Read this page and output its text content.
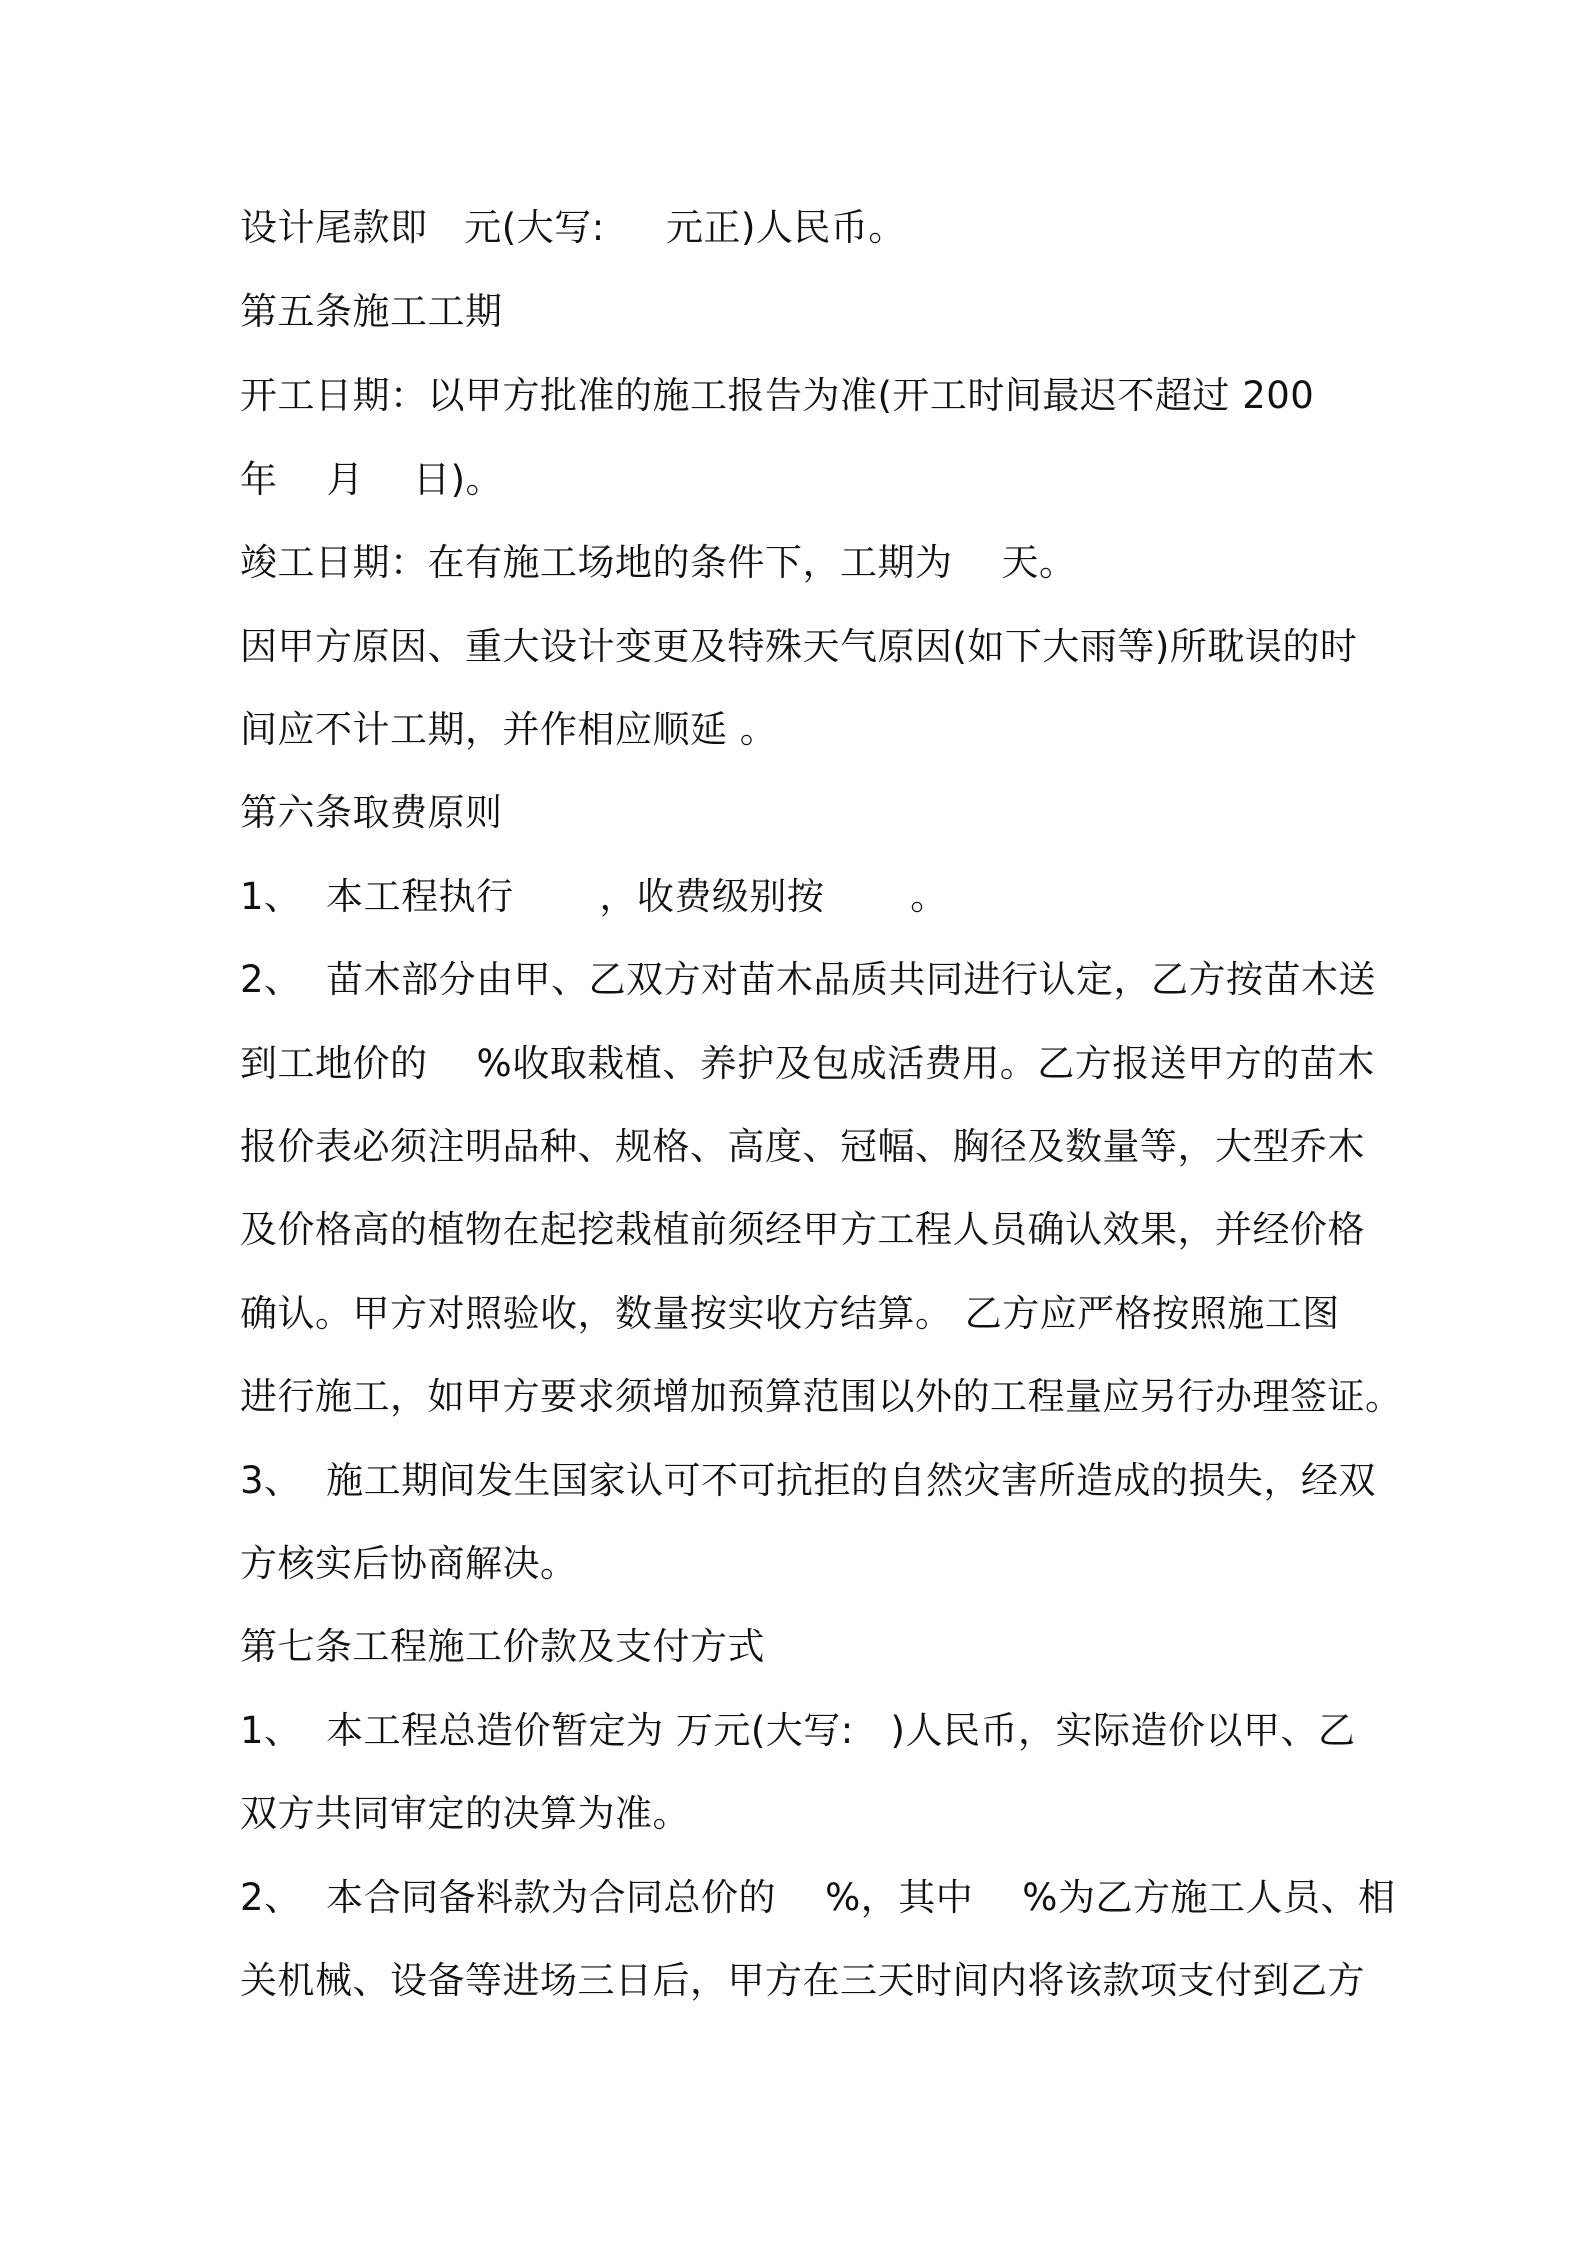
设计尾款即   元(大写:     元正)人民币。
第五条施工工期
开工日期：以甲方批准的施工报告为准(开工时间最迟不超过 200
年    月    日)。
竣工日期：在有施工场地的条件下，工期为    天。
因甲方原因、重大设计变更及特殊天气原因(如下大雨等)所耽误的时
间应不计工期，并作相应顺延 。
第六条取费原则
1、  本工程执行       ，收费级别按       。
2、  苗木部分由甲、乙双方对苗木品质共同进行认定，乙方按苗木送
到工地价的    %收取栽植、养护及包成活费用。乙方报送甲方的苗木
报价表必须注明品种、规格、高度、冠幅、胸径及数量等，大型乔木
及价格高的植物在起挖栽植前须经甲方工程人员确认效果，并经价格
确认。甲方对照验收，数量按实收方结算。 乙方应严格按照施工图
进行施工，如甲方要求须增加预算范围以外的工程量应另行办理签证。
3、  施工期间发生国家认可不可抗拒的自然灾害所造成的损失，经双
方核实后协商解决。
第七条工程施工价款及支付方式
1、  本工程总造价暂定为 万元(大写:   )人民币，实际造价以甲、乙
双方共同审定的决算为准。
2、  本合同备料款为合同总价的    %，其中    %为乙方施工人员、相
关机械、设备等进场三日后，甲方在三天时间内将该款项支付到乙方
